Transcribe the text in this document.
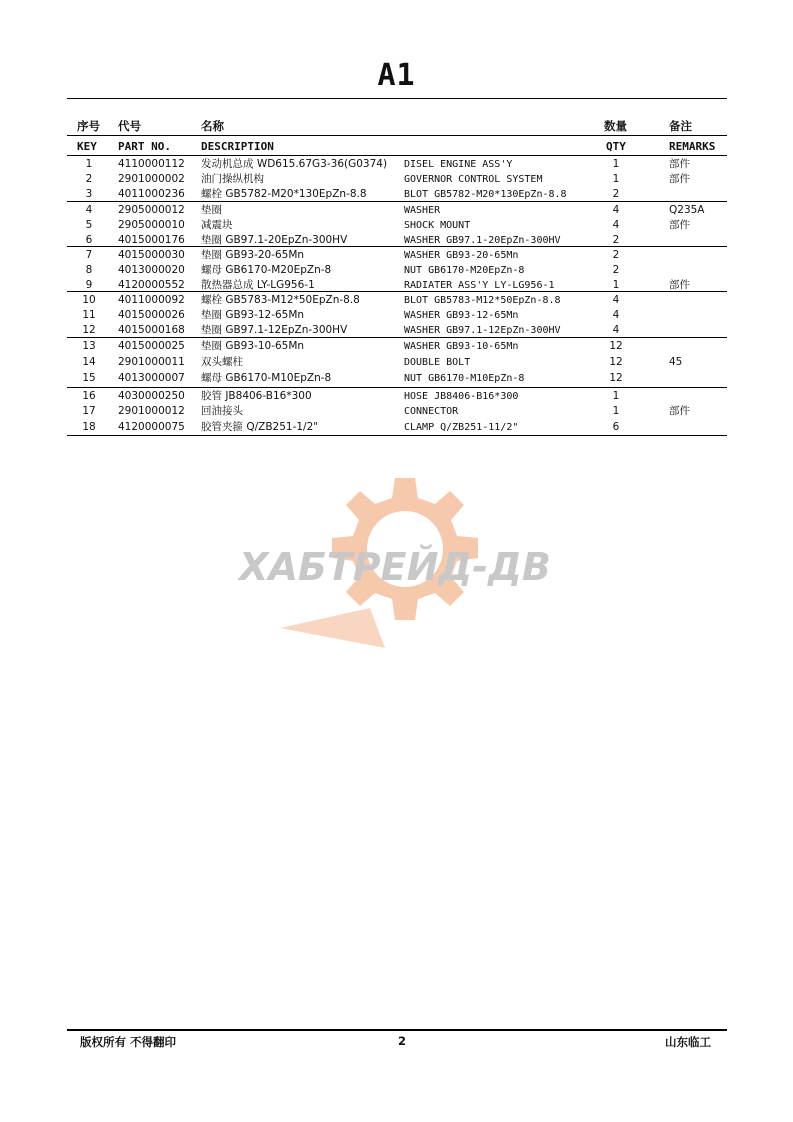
A1
序号 代号	名称	数量	备注
KEY PART NO.	DESCRIPTION	QTY	REMARKS
1	4110000112 发动机总成 WD615.67G3-36(G0374) DISEL ENGINE ASS'Y	1	部件
2	2901000002 油门操纵机构	GOVERNOR CONTROL SYSTEM	1	部件
3	4011000236 螺栓 GB5782-M20*130EpZn-8.8	BLOT GB5782-M20*130EpZn-8.8	2
4	2905000012 垫圈	WASHER	4	Q235A
5	2905000010 减震块	SHOCK MOUNT	4	部件
6	4015000176 垫圈 GB97.1-20EpZn-300HV	WASHER GB97.1-20EpZn-300HV	2
7	4015000030 垫圈 GB93-20-65Mn	WASHER GB93-20-65Mn	2
8	4013000020 螺母 GB6170-M20EpZn-8	NUT GB6170-M20EpZn-8	2
9	4120000552 散热器总成 LY-LG956-1	RADIATER ASS'Y LY-LG956-1	1	部件
10	4011000092 螺栓 GB5783-M12*50EpZn-8.8	BLOT GB5783-M12*50EpZn-8.8	4
11	4015000026 垫圈 GB93-12-65Mn	WASHER GB93-12-65Mn	4
12	4015000168 垫圈 GB97.1-12EpZn-300HV	WASHER GB97.1-12EpZn-300HV	4
13	4015000025 垫圈 GB93-10-65Mn	WASHER GB93-10-65Mn	12
14	2901000011 双头螺柱	DOUBLE BOLT	12	45
15	4013000007 螺母 GB6170-M10EpZn-8	NUT GB6170-M10EpZn-8	12
16	4030000250 胶管 JB8406-B16*300	HOSE JB8406-B16*300	1
17	2901000012 回油接头	CONNECTOR	1	部件
18	4120000075 胶管夹箍 Q/ZB251-1/2"	CLAMP Q/ZB251-11/2"	6
ХАБТРЕЙД-ДВ
版权所有 不得翻印	2	山东临工
